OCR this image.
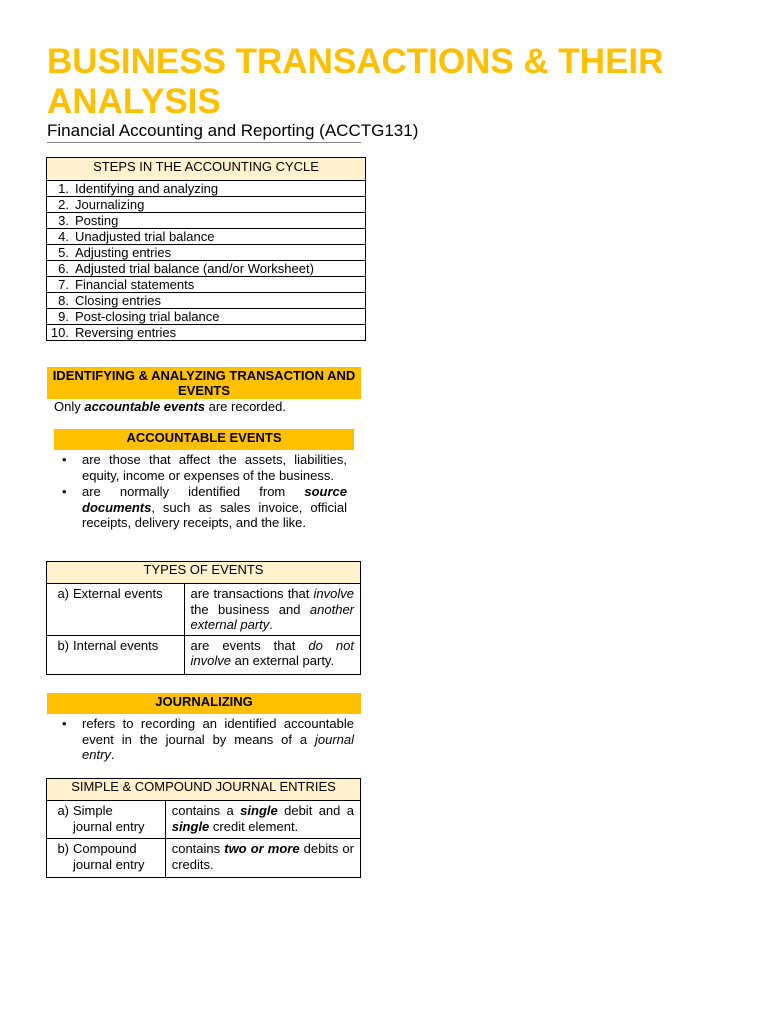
BUSINESS TRANSACTIONS & THEIR ANALYSIS
Financial Accounting and Reporting (ACCTG131)
STEPS IN THE ACCOUNTING CYCLE
1. Identifying and analyzing
2. Journalizing
3. Posting
4. Unadjusted trial balance
5. Adjusting entries
6. Adjusted trial balance (and/or Worksheet)
7. Financial statements
8. Closing entries
9. Post-closing trial balance
10. Reversing entries
IDENTIFYING & ANALYZING TRANSACTION AND EVENTS
Only accountable events are recorded.
ACCOUNTABLE EVENTS
• are those that affect the assets, liabilities, equity, income or expenses of the business.
• are normally identified from source documents, such as sales invoice, official receipts, delivery receipts, and the like.
TYPES OF EVENTS	
a) External events	are transactions that involve the business and another external party.
b) Internal events	are events that do not involve an external party.
JOURNALIZING
• refers to recording an identified accountable event in the journal by means of a journal entry.
SIMPLE & COMPOUND JOURNAL ENTRIES	
a) Simple
journal entry	contains a single debit and a single credit element.
b) Compound
journal entry	contains two or more debits or credits.
